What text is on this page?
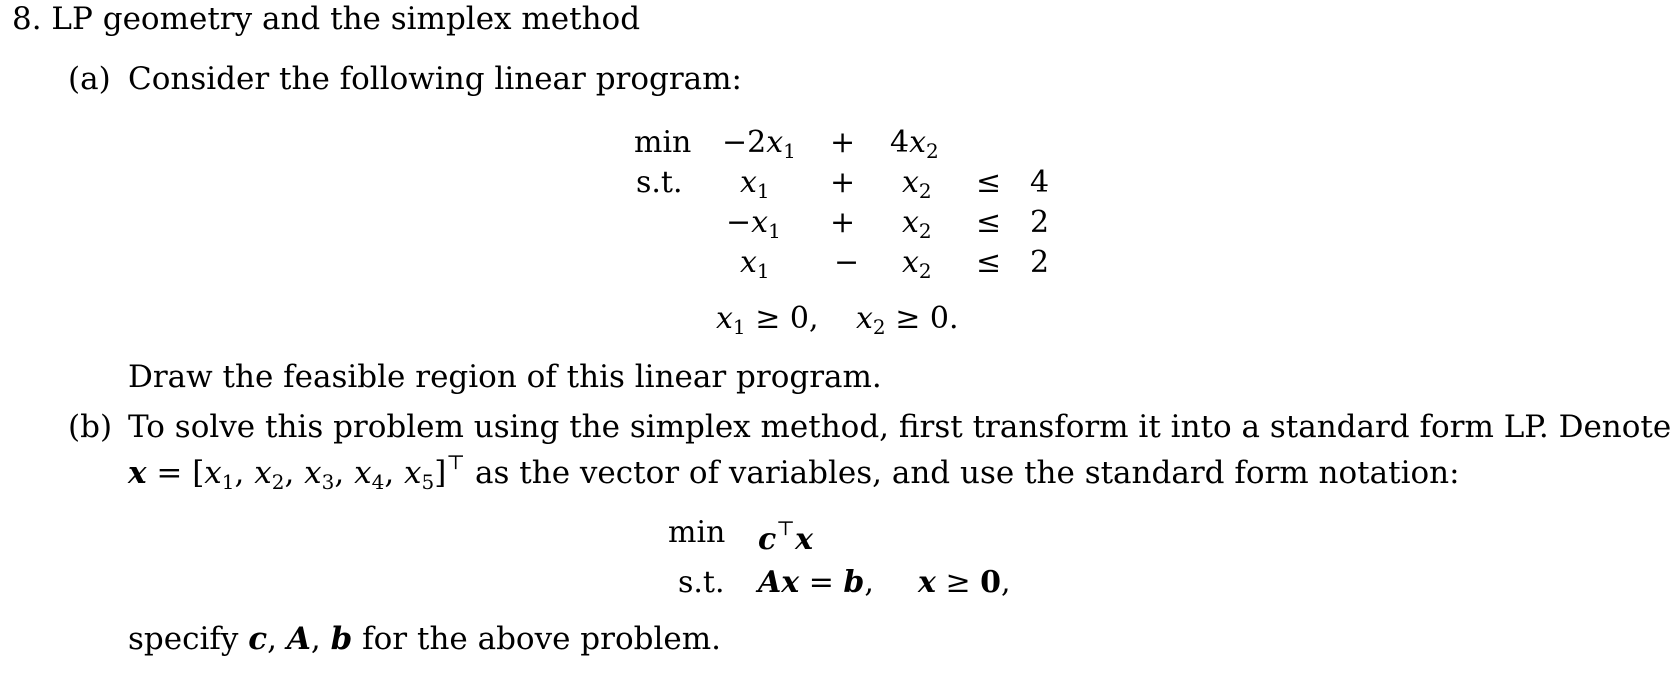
8. LP geometry and the simplex method
(a) Consider the following linear program:
min
s.t.
$-2x_1 + 4x_2$
$x_1 + x_2 \le 4$
$-x_1 + x_2 \le 2$
$x_1 - x_2 \le 2$
$x_1 \ge 0$, $x_2 \ge 0$.
Draw the feasible region of this linear program.
(b) To solve this problem using the simplex method, first transform it into a standard form LP. Denote
$x = [x_1$, $x_2$, $x_3$, $x_4$, $x_5]^⊤$ as the vector of variables, and use the standard form notation:
min c⊤x
s.t. Ax = b, x ≥ 0,
specify c, A, b for the above problem.
